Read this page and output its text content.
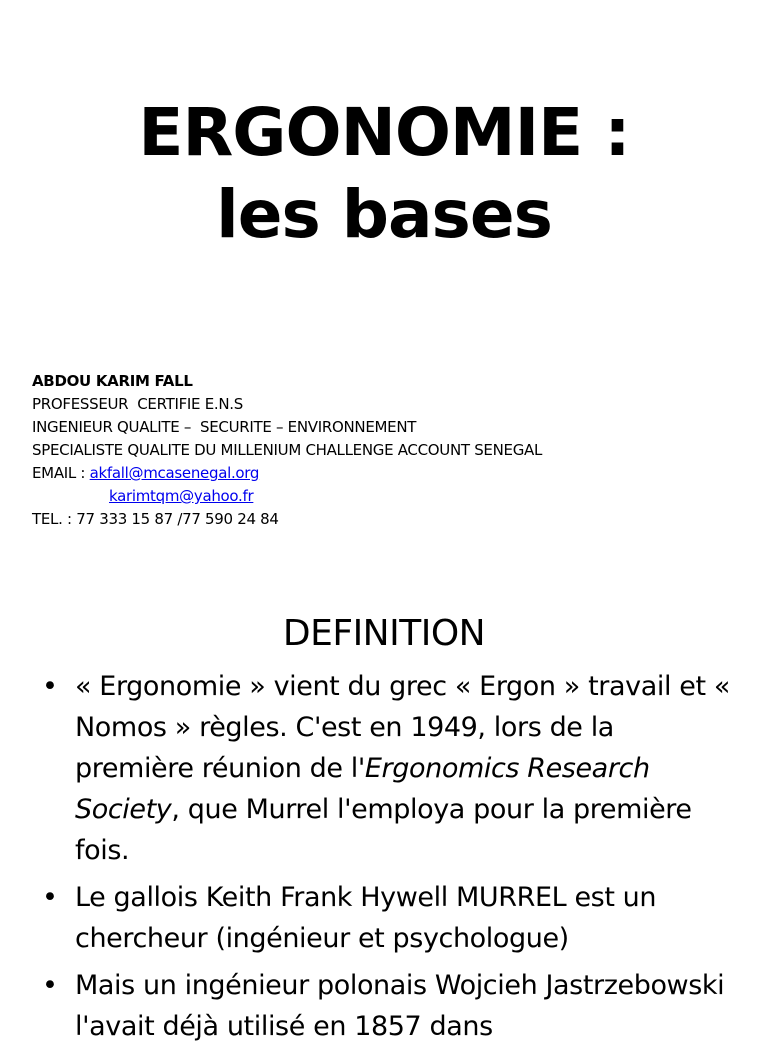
ERGONOMIE :
les bases
ABDOU KARIM FALL
PROFESSEUR  CERTIFIE E.N.S
INGENIEUR QUALITE –  SECURITE – ENVIRONNEMENT
SPECIALISTE QUALITE DU MILLENIUM CHALLENGE ACCOUNT SENEGAL
EMAIL : akfall@mcasenegal.org
karimtqm@yahoo.fr
TEL. : 77 333 15 87 /77 590 24 84
DEFINITION
• « Ergonomie » vient du grec « Ergon » travail et « Nomos » règles. C'est en 1949, lors de la première réunion de l'Ergonomics Research Society, que Murrel l'employa pour la première fois.
• Le gallois Keith Frank Hywell MURREL est un chercheur (ingénieur et psychologue)
• Mais un ingénieur polonais Wojcieh Jastrzebowski l'avait déjà utilisé en 1857 dans
